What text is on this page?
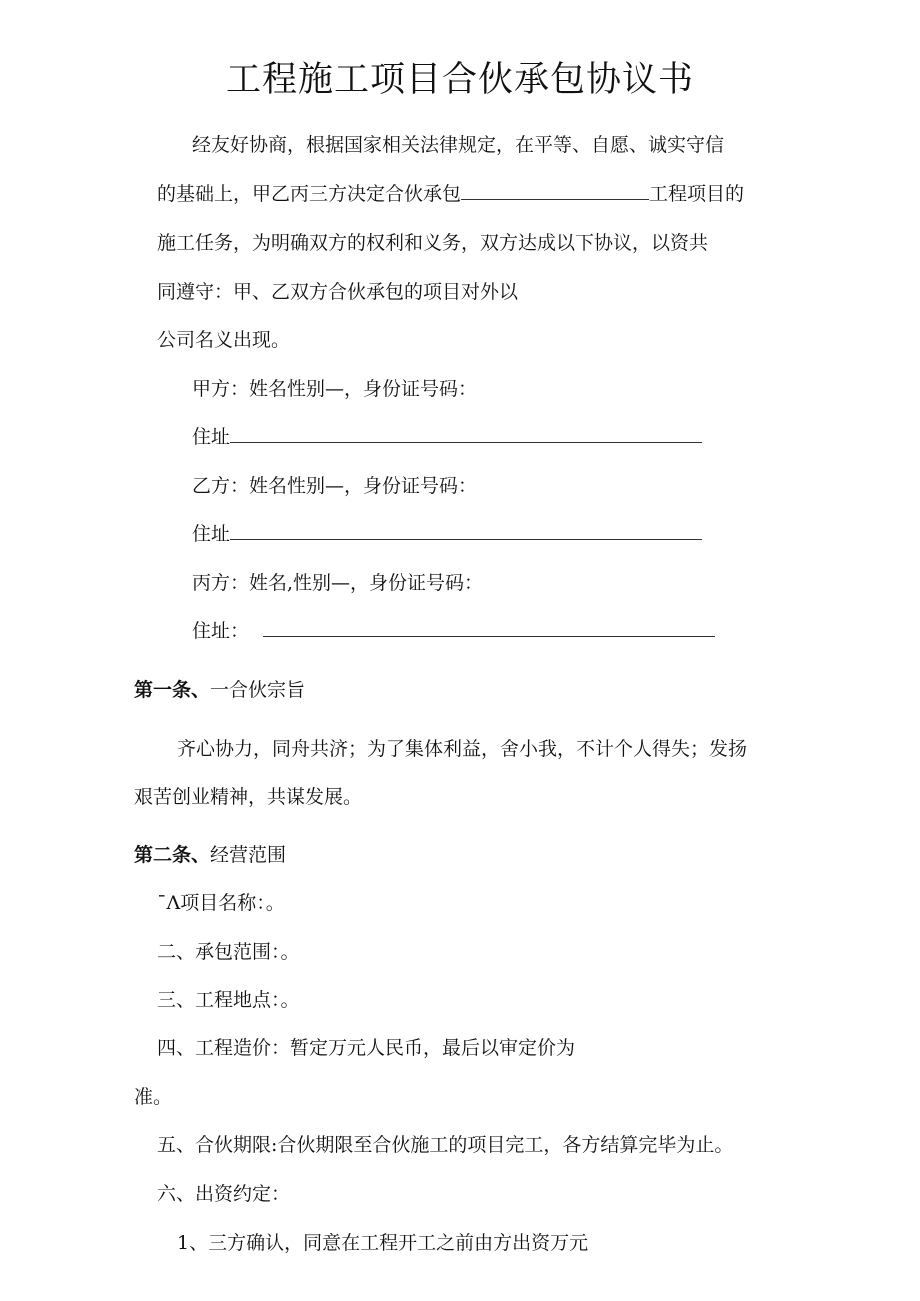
工程施工项目合伙承包协议书
经友好协商，根据国家相关法律规定，在平等、自愿、诚实守信
的基础上，甲乙丙三方决定合伙承包	工程项目的
施工任务，为明确双方的权利和义务，双方达成以下协议，以资共
同遵守：甲、乙双方合伙承包的项目对外以
公司名义出现。
甲方：姓名性别—，身份证号码：
住址
乙方：姓名性别—，身份证号码：
住址
丙方：姓名,性别—，身份证号码：
住址：
第一条、一合伙宗旨
齐心协力，同舟共济；为了集体利益，舍小我，不计个人得失；发扬
艰苦创业精神，共谋发展。
第二条、经营范围
¯Λ项目名称：。
二、承包范围：。
三、工程地点：。
四、工程造价：暂定万元人民币，最后以审定价为
准。
五、合伙期限:合伙期限至合伙施工的项目完工，各方结算完毕为止。
六、出资约定：
1、三方确认，同意在工程开工之前由方出资万元
